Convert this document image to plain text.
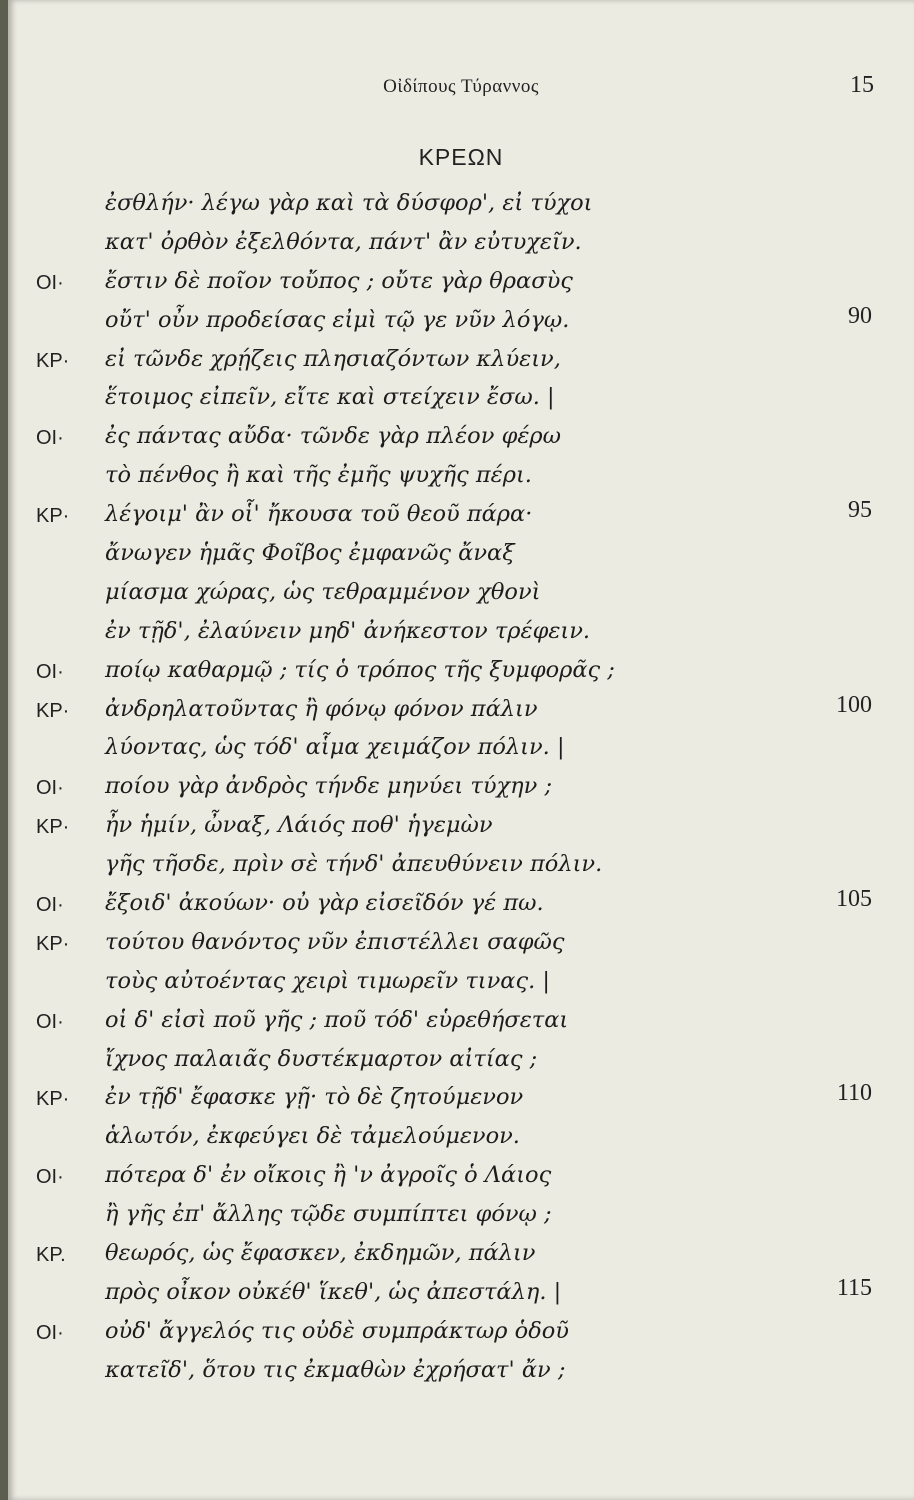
Οἰδίπους Τύραννος	15
ΚΡΕΩΝ
ἐσθλήν· λέγω γὰρ καὶ τὰ δύσφορ', εἰ τύχοι
κατ' ὀρθὸν ἐξελθόντα, πάντ' ἂν εὐτυχεῖν.
ΟΙ· ἔστιν δὲ ποῖον τοὔπος ; οὔτε γὰρ θρασὺς
οὔτ' οὖν προδείσας εἰμὶ τῷ γε νῦν λόγῳ.	90
ΚΡ· εἰ τῶνδε χρῄζεις πλησιαζόντων κλύειν,
ἕτοιμος εἰπεῖν, εἴτε καὶ στείχειν ἔσω. |
ΟΙ· ἐς πάντας αὔδα· τῶνδε γὰρ πλέον φέρω
τὸ πένθος ἢ καὶ τῆς ἐμῆς ψυχῆς πέρι.
ΚΡ· λέγοιμ' ἂν οἷ' ἤκουσα τοῦ θεοῦ πάρα·	95
ἄνωγεν ἡμᾶς Φοῖβος ἐμφανῶς ἄναξ
μίασμα χώρας, ὡς τεθραμμένον χθονὶ
ἐν τῇδ', ἐλαύνειν μηδ' ἀνήκεστον τρέφειν.
ΟΙ· ποίῳ καθαρμῷ ; τίς ὁ τρόπος τῆς ξυμφορᾶς ;
ΚΡ· ἀνδρηλατοῦντας ἢ φόνῳ φόνον πάλιν	100
λύοντας, ὡς τόδ' αἷμα χειμάζον πόλιν. |
ΟΙ· ποίου γὰρ ἀνδρὸς τήνδε μηνύει τύχην ;
ΚΡ· ἦν ἡμίν, ὦναξ, Λάιός ποθ' ἡγεμὼν
γῆς τῆσδε, πρὶν σὲ τήνδ' ἀπευθύνειν πόλιν.
ΟΙ· ἔξοιδ' ἀκούων· οὐ γὰρ εἰσεῖδόν γέ πω.	105
ΚΡ· τούτου θανόντος νῦν ἐπιστέλλει σαφῶς
τοὺς αὐτοέντας χειρὶ τιμωρεῖν τινας. |
ΟΙ· οἱ δ' εἰσὶ ποῦ γῆς ; ποῦ τόδ' εὑρεθήσεται
ἴχνος παλαιᾶς δυστέκμαρτον αἰτίας ;
ΚΡ· ἐν τῇδ' ἔφασκε γῇ· τὸ δὲ ζητούμενον	110
ἁλωτόν, ἐκφεύγει δὲ τἀμελούμενον.
ΟΙ· πότερα δ' ἐν οἴκοις ἢ 'ν ἀγροῖς ὁ Λάιος
ἢ γῆς ἐπ' ἄλλης τῷδε συμπίπτει φόνῳ ;
ΚΡ. θεωρός, ὡς ἔφασκεν, ἐκδημῶν, πάλιν
πρὸς οἶκον οὐκέθ' ἵκεθ', ὡς ἀπεστάλη. |	115
ΟΙ· οὐδ' ἄγγελός τις οὐδὲ συμπράκτωρ ὁδοῦ
κατεῖδ', ὅτου τις ἐκμαθὼν ἐχρήσατ' ἄν ;
